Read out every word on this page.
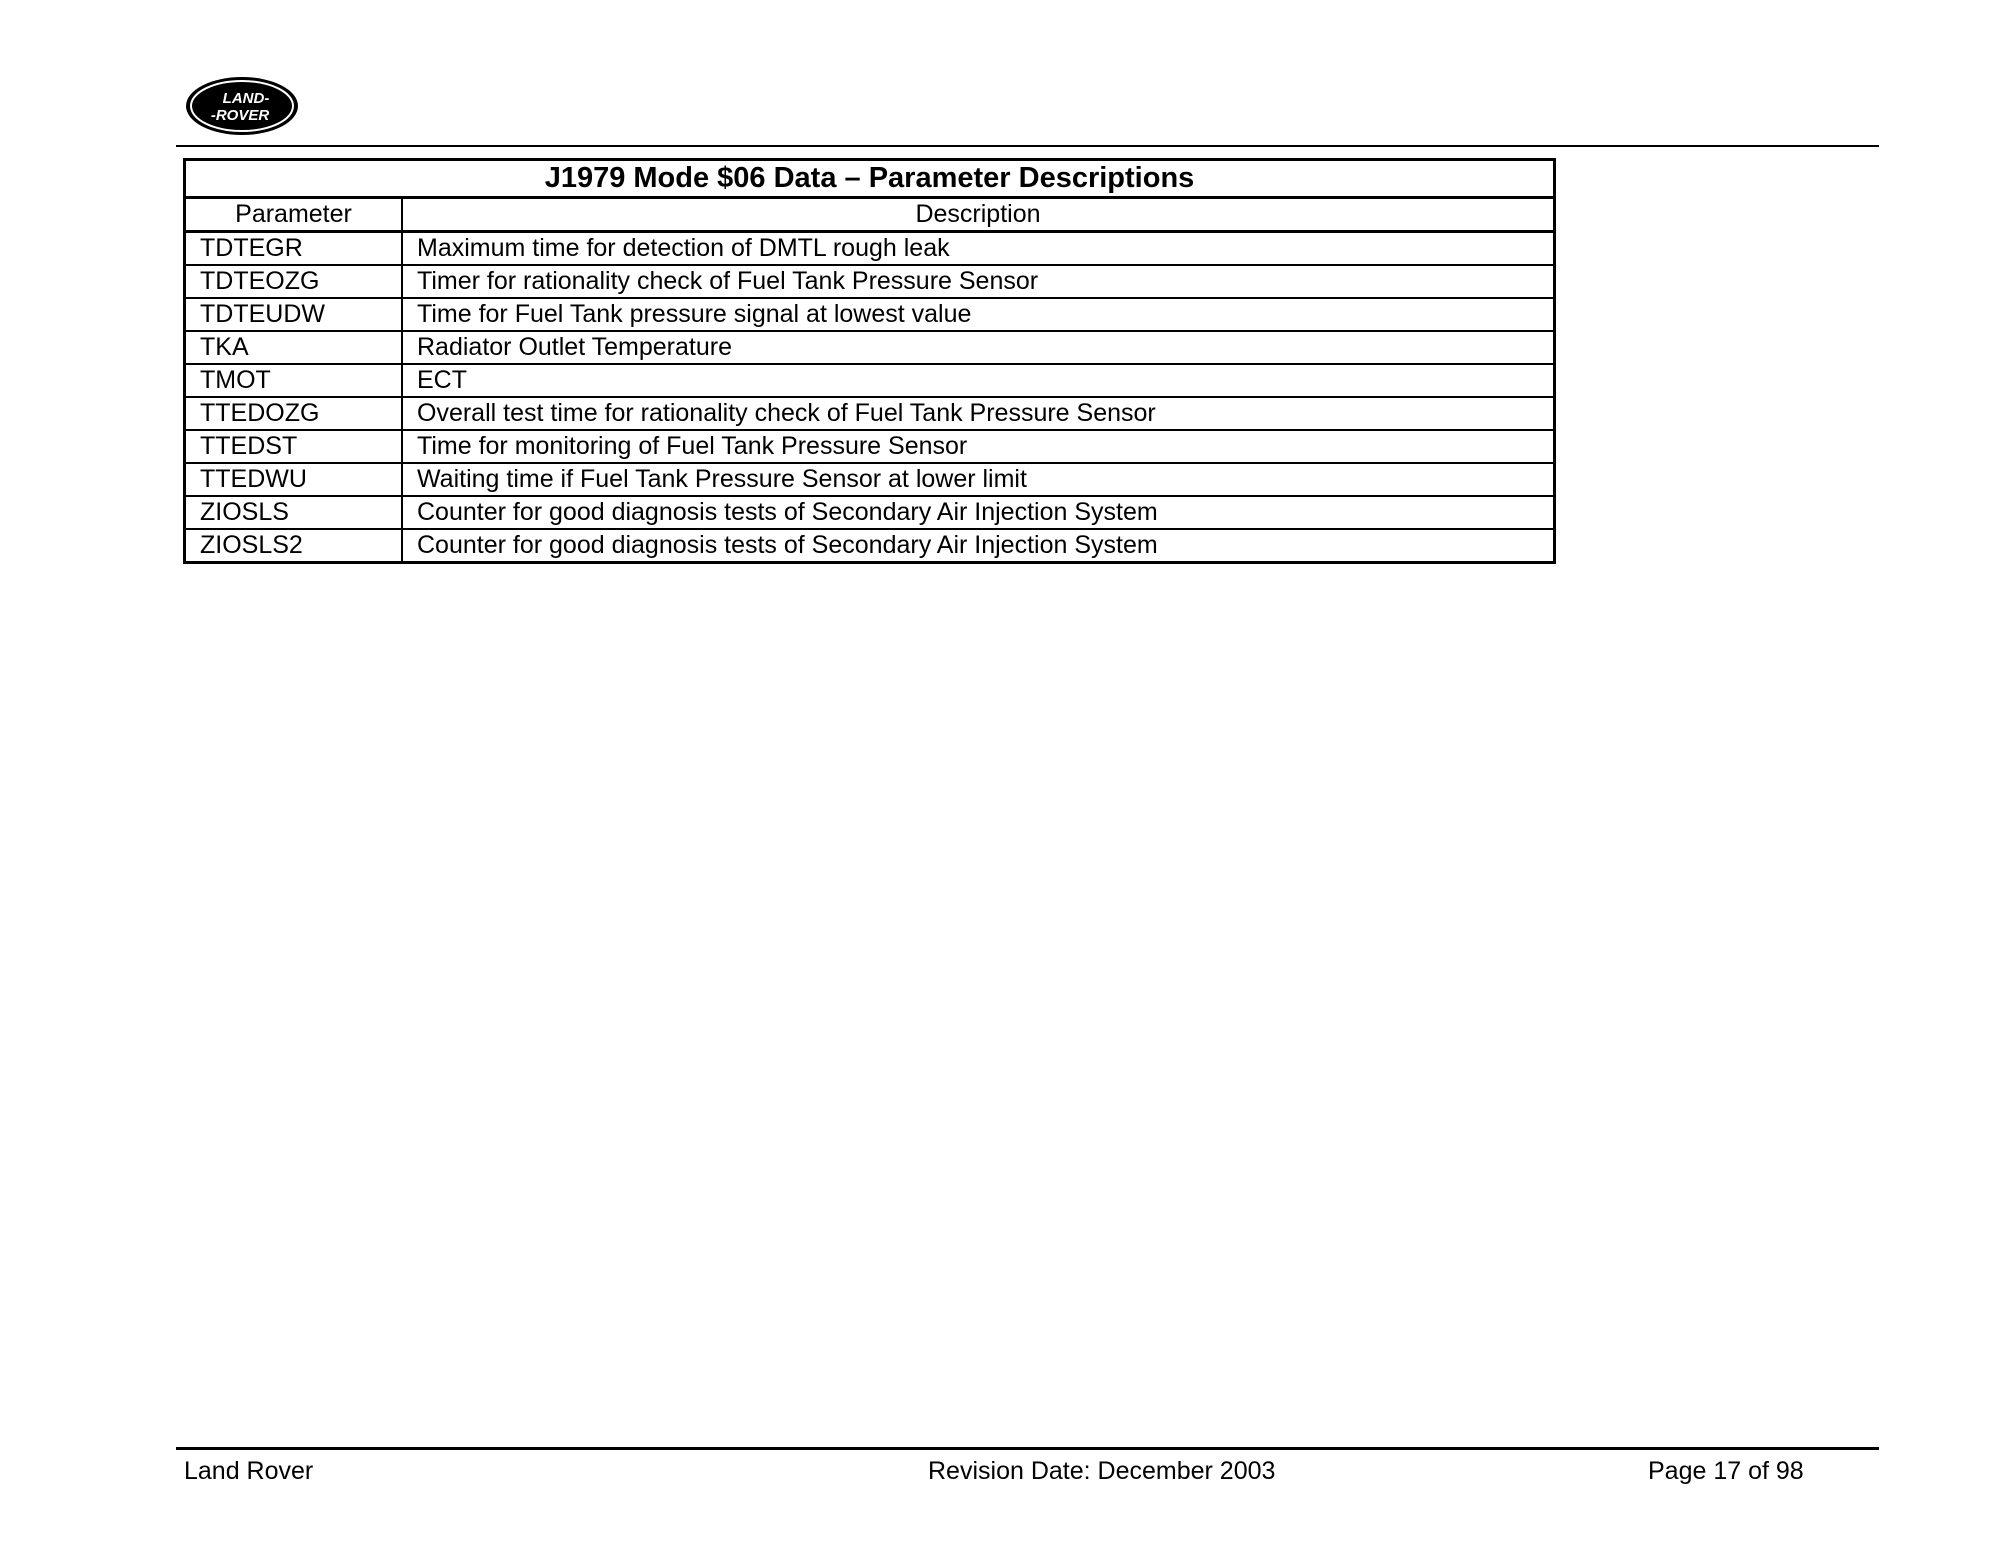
LAND-
-ROVER
J1979 Mode $06 Data – Parameter Descriptions	
Parameter	Description
TDTEGR	Maximum time for detection of DMTL rough leak
TDTEOZG	Timer for rationality check of Fuel Tank Pressure Sensor
TDTEUDW	Time for Fuel Tank pressure signal at lowest value
TKA	Radiator Outlet Temperature
TMOT	ECT
TTEDOZG	Overall test time for rationality check of Fuel Tank Pressure Sensor
TTEDST	Time for monitoring of Fuel Tank Pressure Sensor
TTEDWU	Waiting time if Fuel Tank Pressure Sensor at lower limit
ZIOSLS	Counter for good diagnosis tests of Secondary Air Injection System
ZIOSLS2	Counter for good diagnosis tests of Secondary Air Injection System
Land Rover	Revision Date: December 2003	Page 17 of 98
